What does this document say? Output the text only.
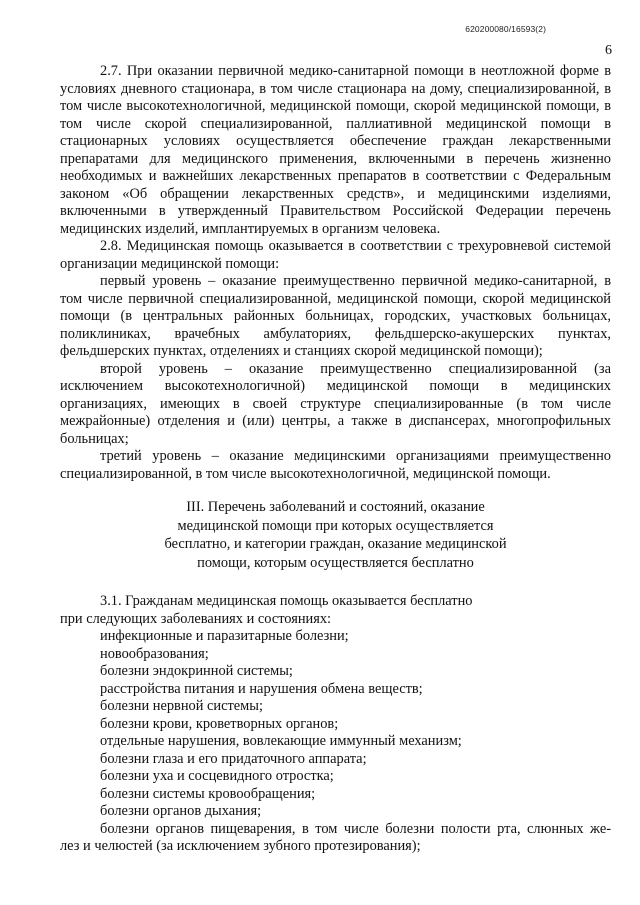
620200080/16593(2)
6

2.7. При оказании первичной медико-санитарной помощи в неотложной форме в условиях дневного стационара, в том числе стационара на дому, специализированной, в том числе высокотехнологичной, медицинской помощи, скорой медицинской помощи, в том числе скорой специализированной, паллиативной медицинской помощи в стационарных условиях осуществляется обеспечение граждан лекарственными препаратами для медицинского применения, включенными в перечень жизненно необходимых и важнейших лекарственных препаратов в соответствии с Федеральным законом «Об обращении лекарственных средств», и медицинскими изделиями, включенными в утвержденный Правительством Российской Федерации перечень медицинских изделий, имплантируемых в организм человека.

2.8. Медицинская помощь оказывается в соответствии с трехуровневой системой организации медицинской помощи:

первый уровень – оказание преимущественно первичной медико-санитарной, в том числе первичной специализированной, медицинской помощи, скорой медицинской помощи (в центральных районных больницах, городских, участковых больницах, поликлиниках, врачебных амбулаториях, фельдшерско-акушерских пунктах, фельдшерских пунктах, отделениях и станциях скорой медицинской помощи);

второй уровень – оказание преимущественно специализированной (за исключением высокотехнологичной) медицинской помощи в медицинских организациях, имеющих в своей структуре специализированные (в том числе межрайонные) отделения и (или) центры, а также в диспансерах, многопрофильных больницах;

третий уровень – оказание медицинскими организациями преимущественно специализированной, в том числе высокотехнологичной, медицинской помощи.

III. Перечень заболеваний и состояний, оказание
медицинской помощи при которых осуществляется
бесплатно, и категории граждан, оказание медицинской
помощи, которым осуществляется бесплатно

3.1. Гражданам медицинская помощь оказывается бесплатно

при следующих заболеваниях и состояниях:

инфекционные и паразитарные болезни;
новообразования;
болезни эндокринной системы;
расстройства питания и нарушения обмена веществ;
болезни нервной системы;
болезни крови, кроветворных органов;
отдельные нарушения, вовлекающие иммунный механизм;
болезни глаза и его придаточного аппарата;
болезни уха и сосцевидного отростка;
болезни системы кровообращения;
болезни органов дыхания;
болезни органов пищеварения, в том числе болезни полости рта, слюнных же-
лез и челюстей (за исключением зубного протезирования);
